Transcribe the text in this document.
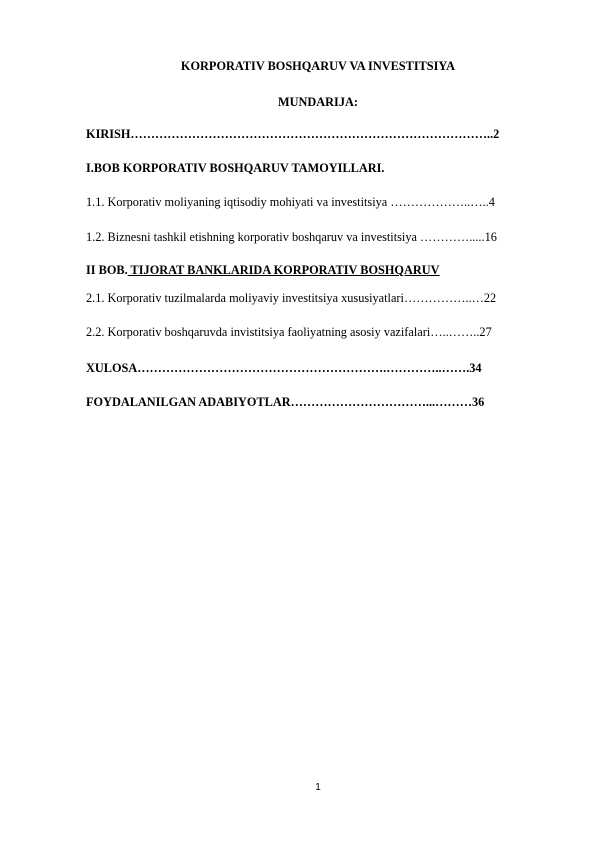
KORPORATIV BOSHQARUV VA INVESTITSIYA
MUNDARIJA:
KIRISH……………………………………………………………………………..2
I.BOB KORPORATIV BOSHQARUV TAMOYILLARI.
1.1. Korporativ moliyaning iqtisodiy mohiyati va investitsiya ………………..…..4
1.2. Biznesni tashkil etishning korporativ boshqaruv va investitsiya ………….....16
II BOB. TIJORAT BANKLARIDA KORPORATIV BOSHQARUV
2.1. Korporativ tuzilmalarda moliyaviy investitsiya xususiyatlari……………..…22
2.2. Korporativ boshqaruvda invistitsiya faoliyatning asosiy vazifalari…..……..27
XULOSA…………………………………………………….…………..…….34
FOYDALANILGAN ADABIYOTLAR……………………………...………36
1
